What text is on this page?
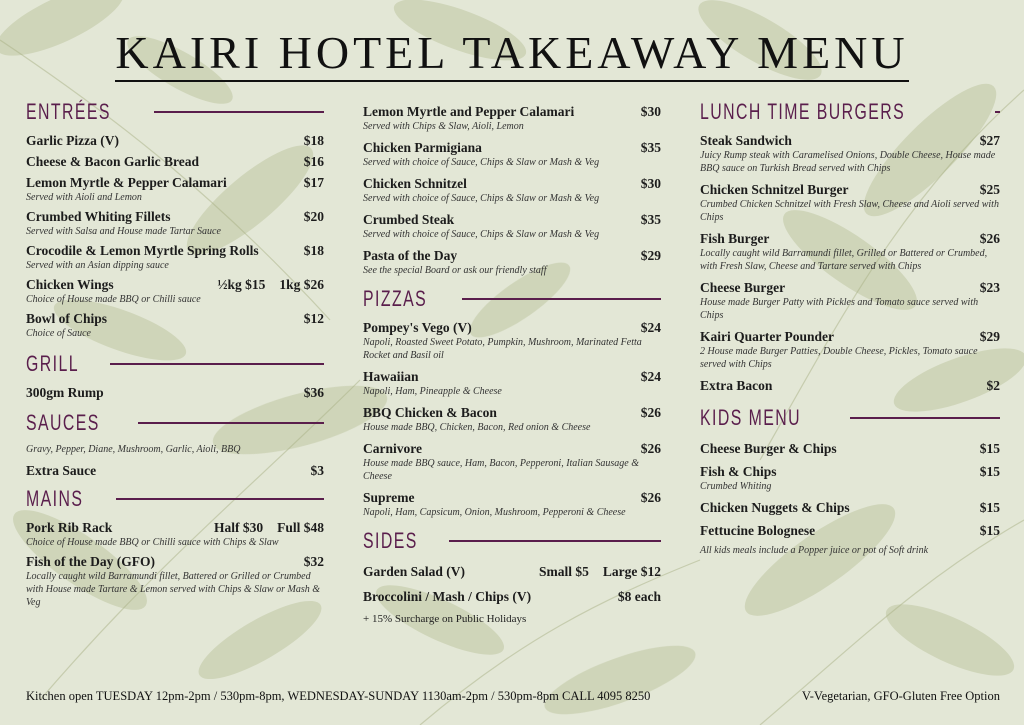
KAIRI HOTEL TAKEAWAY MENU
ENTRÉES
Garlic Pizza (V)	$18
Cheese & Bacon Garlic Bread	$16
Lemon Myrtle & Pepper Calamari	$17
Served with Aioli and Lemon
Crumbed Whiting Fillets	$20
Served with Salsa and House made Tartar Sauce
Crocodile & Lemon Myrtle Spring Rolls	$18
Served with an Asian dipping sauce
Chicken Wings	½kg $15 1kg $26
Choice of House made BBQ or Chilli sauce
Bowl of Chips	$12
Choice of Sauce
GRILL
300gm Rump	$36
SAUCES
Gravy, Pepper, Diane, Mushroom, Garlic, Aioli, BBQ
Extra Sauce	$3
MAINS
Pork Rib Rack	Half $30 Full $48
Choice of House made BBQ or Chilli sauce with Chips & Slaw
Fish of the Day (GFO)	$32
Locally caught wild Barramundi fillet, Battered or Grilled or Crumbed with House made Tartare & Lemon served with Chips & Slaw or Mash & Veg
Lemon Myrtle and Pepper Calamari	$30
Served with Chips & Slaw, Aioli, Lemon
Chicken Parmigiana	$35
Served with choice of Sauce, Chips & Slaw or Mash & Veg
Chicken Schnitzel	$30
Served with choice of Sauce, Chips & Slaw or Mash & Veg
Crumbed Steak	$35
Served with choice of Sauce, Chips & Slaw or Mash & Veg
Pasta of the Day	$29
See the special Board or ask our friendly staff
PIZZAS
Pompey's Vego (V)	$24
Napoli, Roasted Sweet Potato, Pumpkin, Mushroom, Marinated Fetta Rocket and Basil oil
Hawaiian	$24
Napoli, Ham, Pineapple & Cheese
BBQ Chicken & Bacon	$26
House made BBQ, Chicken, Bacon, Red onion & Cheese
Carnivore	$26
House made BBQ sauce, Ham, Bacon, Pepperoni, Italian Sausage & Cheese
Supreme	$26
Napoli, Ham, Capsicum, Onion, Mushroom, Pepperoni & Cheese
SIDES
Garden Salad (V)	Small $5 Large $12
Broccolini / Mash / Chips (V)	$8 each
+ 15% Surcharge on Public Holidays
LUNCH TIME BURGERS
Steak Sandwich	$27
Juicy Rump steak with Caramelised Onions, Double Cheese, House made BBQ sauce on Turkish Bread served with Chips
Chicken Schnitzel Burger	$25
Crumbed Chicken Schnitzel with Fresh Slaw, Cheese and Aioli served with Chips
Fish Burger	$26
Locally caught wild Barramundi fillet, Grilled or Battered or Crumbed, with Fresh Slaw, Cheese and Tartare served with Chips
Cheese Burger	$23
House made Burger Patty with Pickles and Tomato sauce served with Chips
Kairi Quarter Pounder	$29
2 House made Burger Patties, Double Cheese, Pickles, Tomato sauce served with Chips
Extra Bacon	$2
KIDS MENU
Cheese Burger & Chips	$15
Fish & Chips	$15
Crumbed Whiting
Chicken Nuggets & Chips	$15
Fettucine Bolognese	$15
All kids meals include a Popper juice or pot of Soft drink
Kitchen open TUESDAY 12pm-2pm / 530pm-8pm, WEDNESDAY-SUNDAY 1130am-2pm / 530pm-8pm CALL 4095 8250	V-Vegetarian, GFO-Gluten Free Option
